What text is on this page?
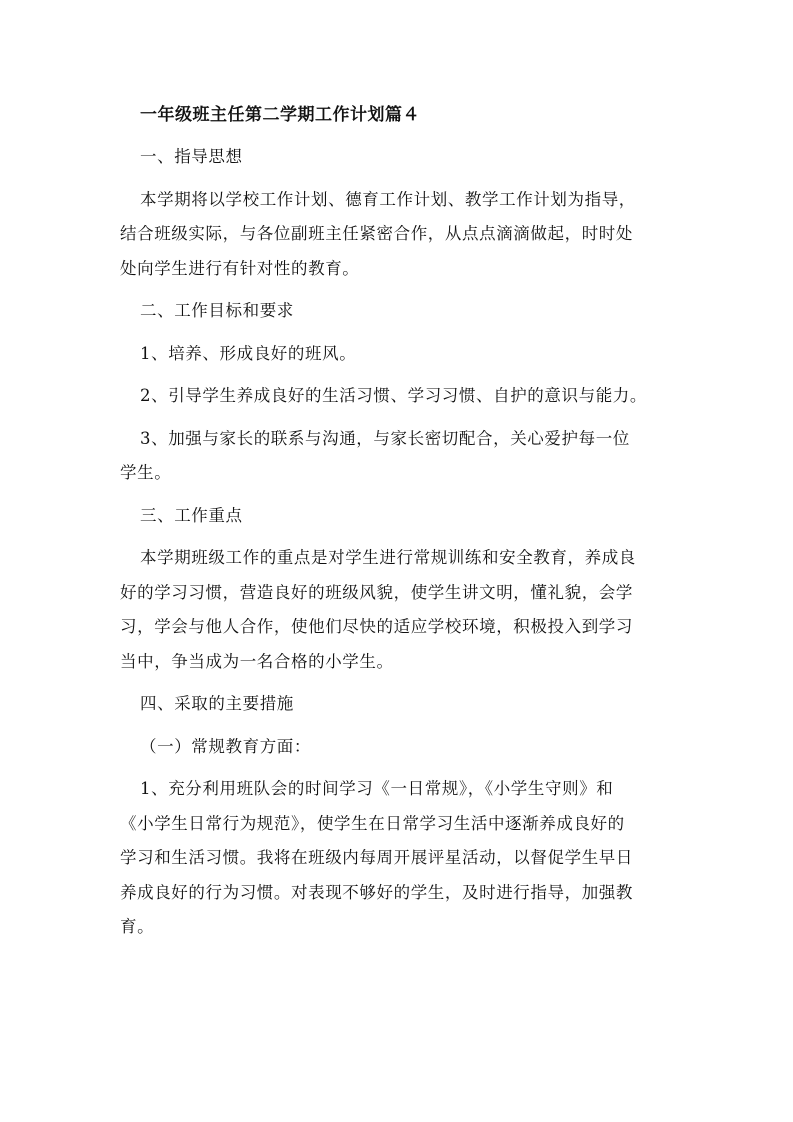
一年级班主任第二学期工作计划篇４

一、指导思想

本学期将以学校工作计划、德育工作计划、教学工作计划为指导，

结合班级实际，与各位副班主任紧密合作，从点点滴滴做起，时时处

处向学生进行有针对性的教育。

二、工作目标和要求

1、培养、形成良好的班风。

2、引导学生养成良好的生活习惯、学习习惯、自护的意识与能力。

3、加强与家长的联系与沟通，与家长密切配合，关心爱护每一位

学生。

三、工作重点

本学期班级工作的重点是对学生进行常规训练和安全教育，养成良

好的学习习惯，营造良好的班级风貌，使学生讲文明，懂礼貌，会学

习，学会与他人合作，使他们尽快的适应学校环境，积极投入到学习

当中，争当成为一名合格的小学生。

四、采取的主要措施

（一）常规教育方面：

1、充分利用班队会的时间学习《一日常规》，《小学生守则》和

《小学生日常行为规范》，使学生在日常学习生活中逐渐养成良好的

学习和生活习惯。我将在班级内每周开展评星活动，以督促学生早日

养成良好的行为习惯。对表现不够好的学生，及时进行指导，加强教

育。
